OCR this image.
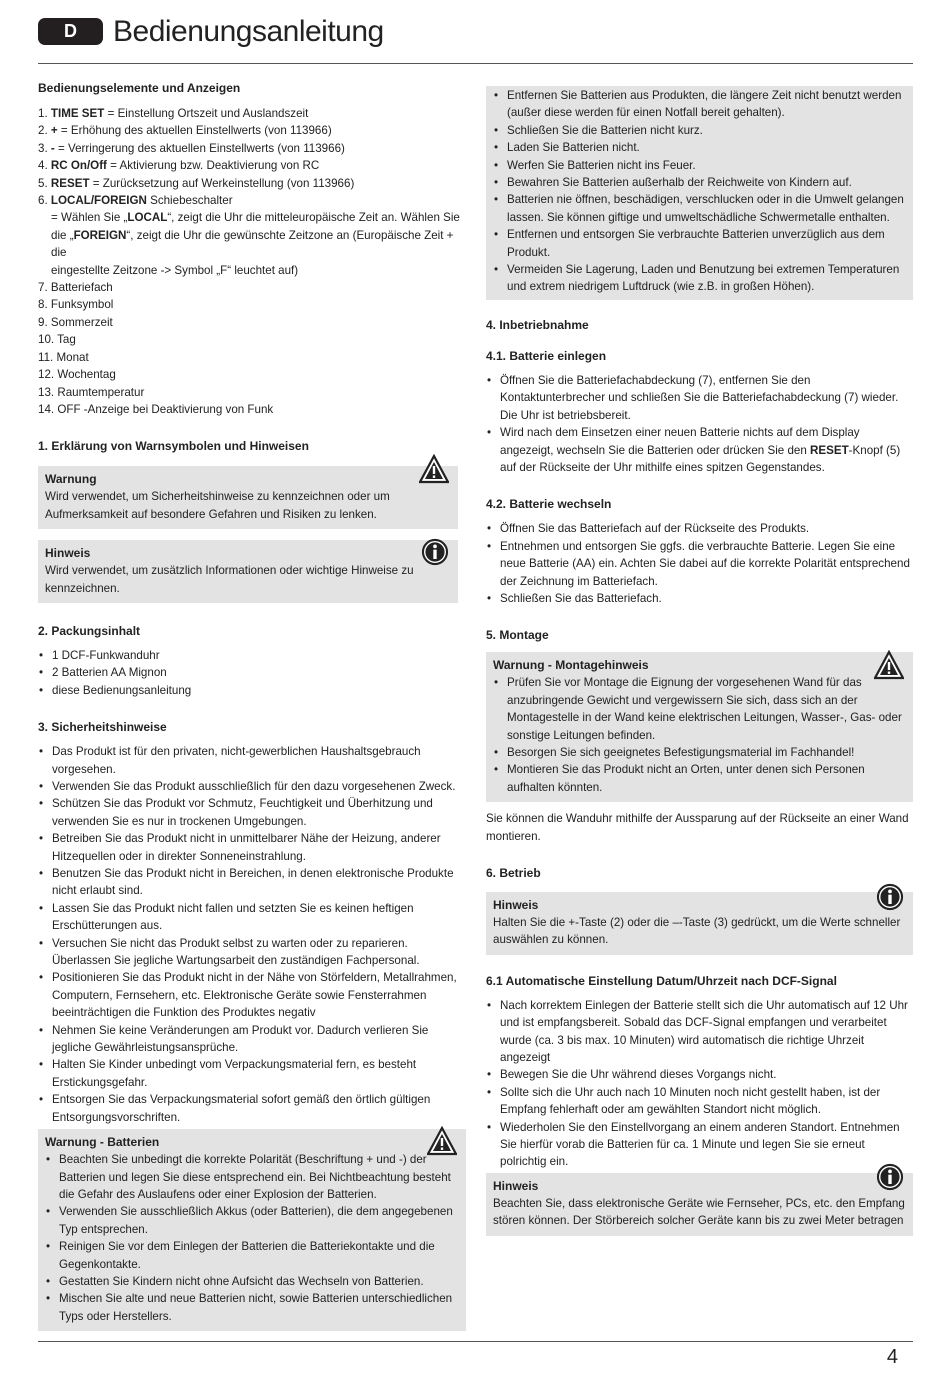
D	Bedienungsanleitung
Bedienungselemente und Anzeigen
1. TIME SET = Einstellung Ortszeit und Auslandszeit
2. + = Erhöhung des aktuellen Einstellwerts (von 113966)
3. - = Verringerung des aktuellen Einstellwerts (von 113966)
4. RC On/Off = Aktivierung bzw. Deaktivierung von RC
5. RESET = Zurücksetzung auf Werkeinstellung (von 113966)
6. LOCAL/FOREIGN Schiebeschalter
= Wählen Sie „LOCAL“, zeigt die Uhr die mitteleuropäische Zeit an. Wählen Sie
die „FOREIGN“, zeigt die Uhr die gewünschte Zeitzone an (Europäische Zeit + die
eingestellte Zeitzone -> Symbol „F“ leuchtet auf)
7. Batteriefach
8. Funksymbol
9. Sommerzeit
10. Tag
11. Monat
12. Wochentag
13. Raumtemperatur
14. OFF -Anzeige bei Deaktivierung von Funk
1. Erklärung von Warnsymbolen und Hinweisen
Warnung
Wird verwendet, um Sicherheitshinweise zu kennzeichnen oder um Aufmerksamkeit auf besondere Gefahren und Risiken zu lenken.
Hinweis
Wird verwendet, um zusätzlich Informationen oder wichtige Hinweise zu kennzeichnen.
2. Packungsinhalt
• 1 DCF-Funkwanduhr
• 2 Batterien AA Mignon
• diese Bedienungsanleitung
3. Sicherheitshinweise
• Das Produkt ist für den privaten, nicht-gewerblichen Haushaltsgebrauch vorgesehen.
• Verwenden Sie das Produkt ausschließlich für den dazu vorgesehenen Zweck.
• Schützen Sie das Produkt vor Schmutz, Feuchtigkeit und Überhitzung und verwenden Sie es nur in trockenen Umgebungen.
• Betreiben Sie das Produkt nicht in unmittelbarer Nähe der Heizung, anderer Hitzequellen oder in direkter Sonneneinstrahlung.
• Benutzen Sie das Produkt nicht in Bereichen, in denen elektronische Produkte nicht erlaubt sind.
• Lassen Sie das Produkt nicht fallen und setzten Sie es keinen heftigen Erschütterungen aus.
• Versuchen Sie nicht das Produkt selbst zu warten oder zu reparieren. Überlassen Sie jegliche Wartungsarbeit den zuständigen Fachpersonal.
• Positionieren Sie das Produkt nicht in der Nähe von Störfeldern, Metallrahmen, Computern, Fernsehern, etc. Elektronische Geräte sowie Fensterrahmen beeinträchtigen die Funktion des Produktes negativ
• Nehmen Sie keine Veränderungen am Produkt vor. Dadurch verlieren Sie jegliche Gewährleistungsansprüche.
• Halten Sie Kinder unbedingt vom Verpackungsmaterial fern, es besteht Erstickungsgefahr.
• Entsorgen Sie das Verpackungsmaterial sofort gemäß den örtlich gültigen Entsorgungsvorschriften.
Warnung - Batterien
• Beachten Sie unbedingt die korrekte Polarität (Beschriftung + und -) der Batterien und legen Sie diese entsprechend ein. Bei Nichtbeachtung besteht die Gefahr des Auslaufens oder einer Explosion der Batterien.
• Verwenden Sie ausschließlich Akkus (oder Batterien), die dem angegebenen Typ entsprechen.
• Reinigen Sie vor dem Einlegen der Batterien die Batteriekontakte und die Gegenkontakte.
• Gestatten Sie Kindern nicht ohne Aufsicht das Wechseln von Batterien.
• Mischen Sie alte und neue Batterien nicht, sowie Batterien unterschiedlichen Typs oder Herstellers.
• Entfernen Sie Batterien aus Produkten, die längere Zeit nicht benutzt werden (außer diese werden für einen Notfall bereit gehalten).
• Schließen Sie die Batterien nicht kurz.
• Laden Sie Batterien nicht.
• Werfen Sie Batterien nicht ins Feuer.
• Bewahren Sie Batterien außerhalb der Reichweite von Kindern auf.
• Batterien nie öffnen, beschädigen, verschlucken oder in die Umwelt gelangen lassen. Sie können giftige und umweltschädliche Schwermetalle enthalten.
• Entfernen und entsorgen Sie verbrauchte Batterien unverzüglich aus dem Produkt.
• Vermeiden Sie Lagerung, Laden und Benutzung bei extremen Temperaturen und extrem niedrigem Luftdruck (wie z.B. in großen Höhen).
4. Inbetriebnahme
4.1. Batterie einlegen
• Öffnen Sie die Batteriefachabdeckung (7), entfernen Sie den Kontaktunterbrecher und schließen Sie die Batteriefachabdeckung (7) wieder. Die Uhr ist betriebsbereit.
• Wird nach dem Einsetzen einer neuen Batterie nichts auf dem Display angezeigt, wechseln Sie die Batterien oder drücken Sie den RESET-Knopf (5) auf der Rückseite der Uhr mithilfe eines spitzen Gegenstandes.
4.2. Batterie wechseln
• Öffnen Sie das Batteriefach auf der Rückseite des Produkts.
• Entnehmen und entsorgen Sie ggfs. die verbrauchte Batterie. Legen Sie eine neue Batterie (AA) ein. Achten Sie dabei auf die korrekte Polarität entsprechend der Zeichnung im Batteriefach.
• Schließen Sie das Batteriefach.
5. Montage
Warnung - Montagehinweis
• Prüfen Sie vor Montage die Eignung der vorgesehenen Wand für das anzubringende Gewicht und vergewissern Sie sich, dass sich an der Montagestelle in der Wand keine elektrischen Leitungen, Wasser-, Gas- oder sonstige Leitungen befinden.
• Besorgen Sie sich geeignetes Befestigungsmaterial im Fachhandel!
• Montieren Sie das Produkt nicht an Orten, unter denen sich Personen aufhalten könnten.
Sie können die Wanduhr mithilfe der Aussparung auf der Rückseite an einer Wand montieren.
6. Betrieb
Hinweis
Halten Sie die +-Taste (2) oder die –-Taste (3) gedrückt, um die Werte schneller auswählen zu können.
6.1 Automatische Einstellung Datum/Uhrzeit nach DCF-Signal
• Nach korrektem Einlegen der Batterie stellt sich die Uhr automatisch auf 12 Uhr und ist empfangsbereit. Sobald das DCF-Signal empfangen und verarbeitet wurde (ca. 3 bis max. 10 Minuten) wird automatisch die richtige Uhrzeit angezeigt
• Bewegen Sie die Uhr während dieses Vorgangs nicht.
• Sollte sich die Uhr auch nach 10 Minuten noch nicht gestellt haben, ist der Empfang fehlerhaft oder am gewählten Standort nicht möglich.
• Wiederholen Sie den Einstellvorgang an einem anderen Standort. Entnehmen Sie hierfür vorab die Batterien für ca. 1 Minute und legen Sie sie erneut polrichtig ein.
Hinweis
Beachten Sie, dass elektronische Geräte wie Fernseher, PCs, etc. den Empfang stören können. Der Störbereich solcher Geräte kann bis zu zwei Meter betragen
4
